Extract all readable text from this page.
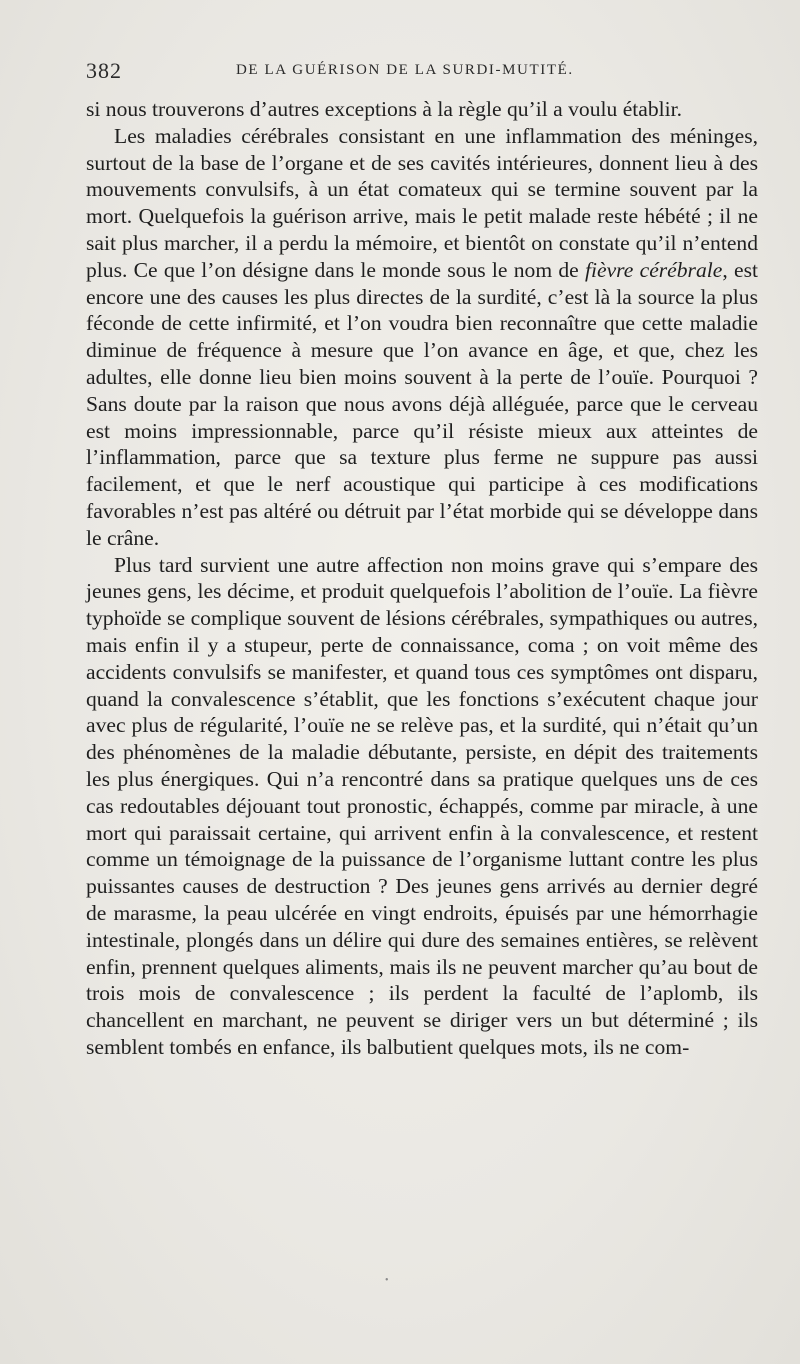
382	DE LA GUÉRISON DE LA SURDI-MUTITÉ.

si nous trouverons d’autres exceptions à la règle qu’il a voulu établir.

Les maladies cérébrales consistant en une inflammation des méninges, surtout de la base de l’organe et de ses cavités intérieures, donnent lieu à des mouvements convulsifs, à un état comateux qui se termine souvent par la mort. Quelquefois la guérison arrive, mais le petit malade reste hébété ; il ne sait plus marcher, il a perdu la mémoire, et bientôt on constate qu’il n’entend plus. Ce que l’on désigne dans le monde sous le nom de fièvre cérébrale, est encore une des causes les plus directes de la surdité, c’est là la source la plus féconde de cette infirmité, et l’on voudra bien reconnaître que cette maladie diminue de fréquence à mesure que l’on avance en âge, et que, chez les adultes, elle donne lieu bien moins souvent à la perte de l’ouïe. Pourquoi ? Sans doute par la raison que nous avons déjà alléguée, parce que le cerveau est moins impressionnable, parce qu’il résiste mieux aux atteintes de l’inflammation, parce que sa texture plus ferme ne suppure pas aussi facilement, et que le nerf acoustique qui participe à ces modifications favorables n’est pas altéré ou détruit par l’état morbide qui se développe dans le crâne.

Plus tard survient une autre affection non moins grave qui s’empare des jeunes gens, les décime, et produit quelquefois l’abolition de l’ouïe. La fièvre typhoïde se complique souvent de lésions cérébrales, sympathiques ou autres, mais enfin il y a stupeur, perte de connaissance, coma ; on voit même des accidents convulsifs se manifester, et quand tous ces symptômes ont disparu, quand la convalescence s’établit, que les fonctions s’exécutent chaque jour avec plus de régularité, l’ouïe ne se relève pas, et la surdité, qui n’était qu’un des phénomènes de la maladie débutante, persiste, en dépit des traitements les plus énergiques. Qui n’a rencontré dans sa pratique quelques uns de ces cas redoutables déjouant tout pronostic, échappés, comme par miracle, à une mort qui paraissait certaine, qui arrivent enfin à la convalescence, et restent comme un témoignage de la puissance de l’organisme luttant contre les plus puissantes causes de destruction ? Des jeunes gens arrivés au dernier degré de marasme, la peau ulcérée en vingt endroits, épuisés par une hémorrhagie intestinale, plongés dans un délire qui dure des semaines entières, se relèvent enfin, prennent quelques aliments, mais ils ne peuvent marcher qu’au bout de trois mois de convalescence ; ils perdent la faculté de l’aplomb, ils chancellent en marchant, ne peuvent se diriger vers un but déterminé ; ils semblent tombés en enfance, ils balbutient quelques mots, ils ne com-

•
